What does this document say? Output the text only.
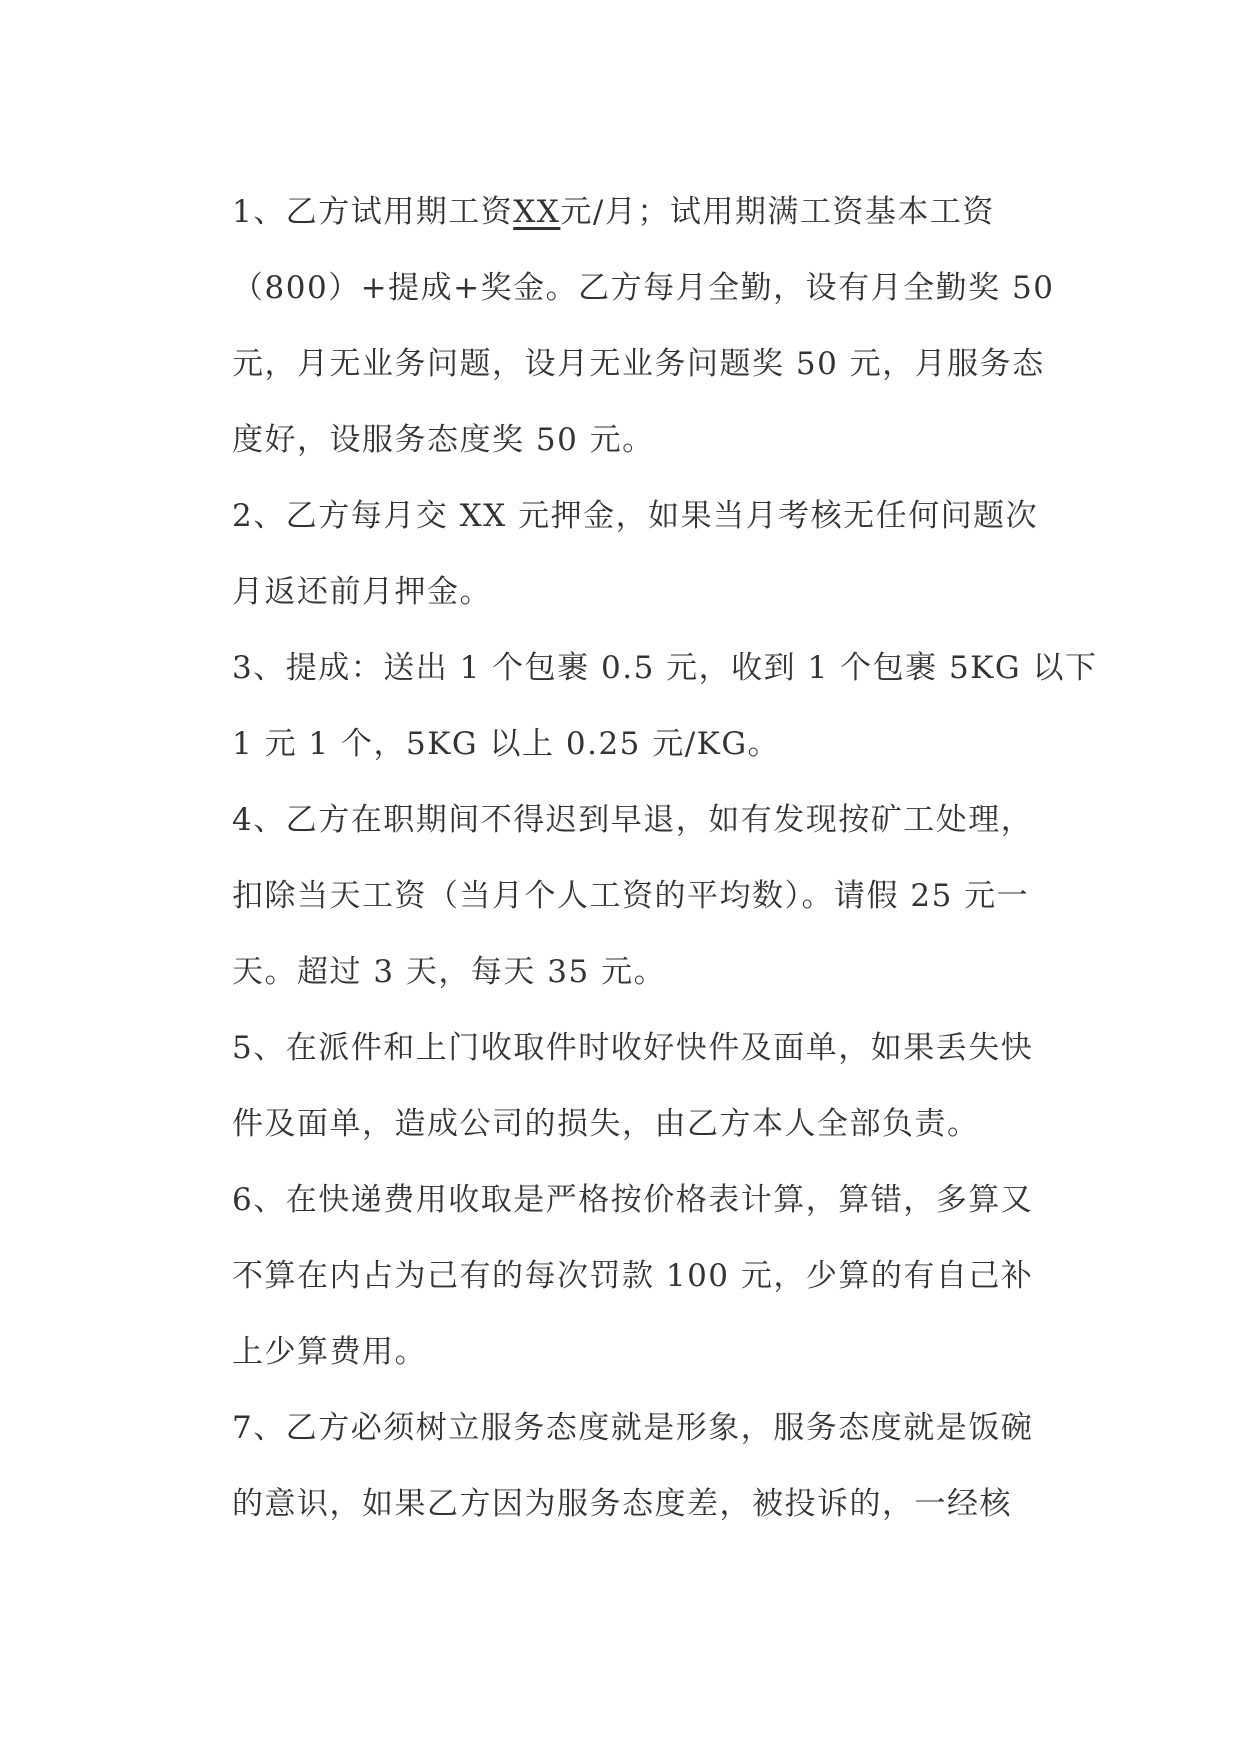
1、乙方试用期工资XX元/月；试用期满工资基本工资
（800）+提成+奖金。乙方每月全勤，设有月全勤奖 50
元，月无业务问题，设月无业务问题奖 50 元，月服务态
度好，设服务态度奖 50 元。

2、乙方每月交 XX 元押金，如果当月考核无任何问题次
月返还前月押金。

3、提成：送出 1 个包裹 0.5 元，收到 1 个包裹 5KG 以下
1 元 1 个，5KG 以上 0.25 元/KG。

4、乙方在职期间不得迟到早退，如有发现按矿工处理，
扣除当天工资（当月个人工资的平均数）。请假 25 元一
天。超过 3 天，每天 35 元。

5、在派件和上门收取件时收好快件及面单，如果丢失快
件及面单，造成公司的损失，由乙方本人全部负责。

6、在快递费用收取是严格按价格表计算，算错，多算又
不算在内占为己有的每次罚款 100 元，少算的有自己补
上少算费用。

7、乙方必须树立服务态度就是形象，服务态度就是饭碗
的意识，如果乙方因为服务态度差，被投诉的，一经核
